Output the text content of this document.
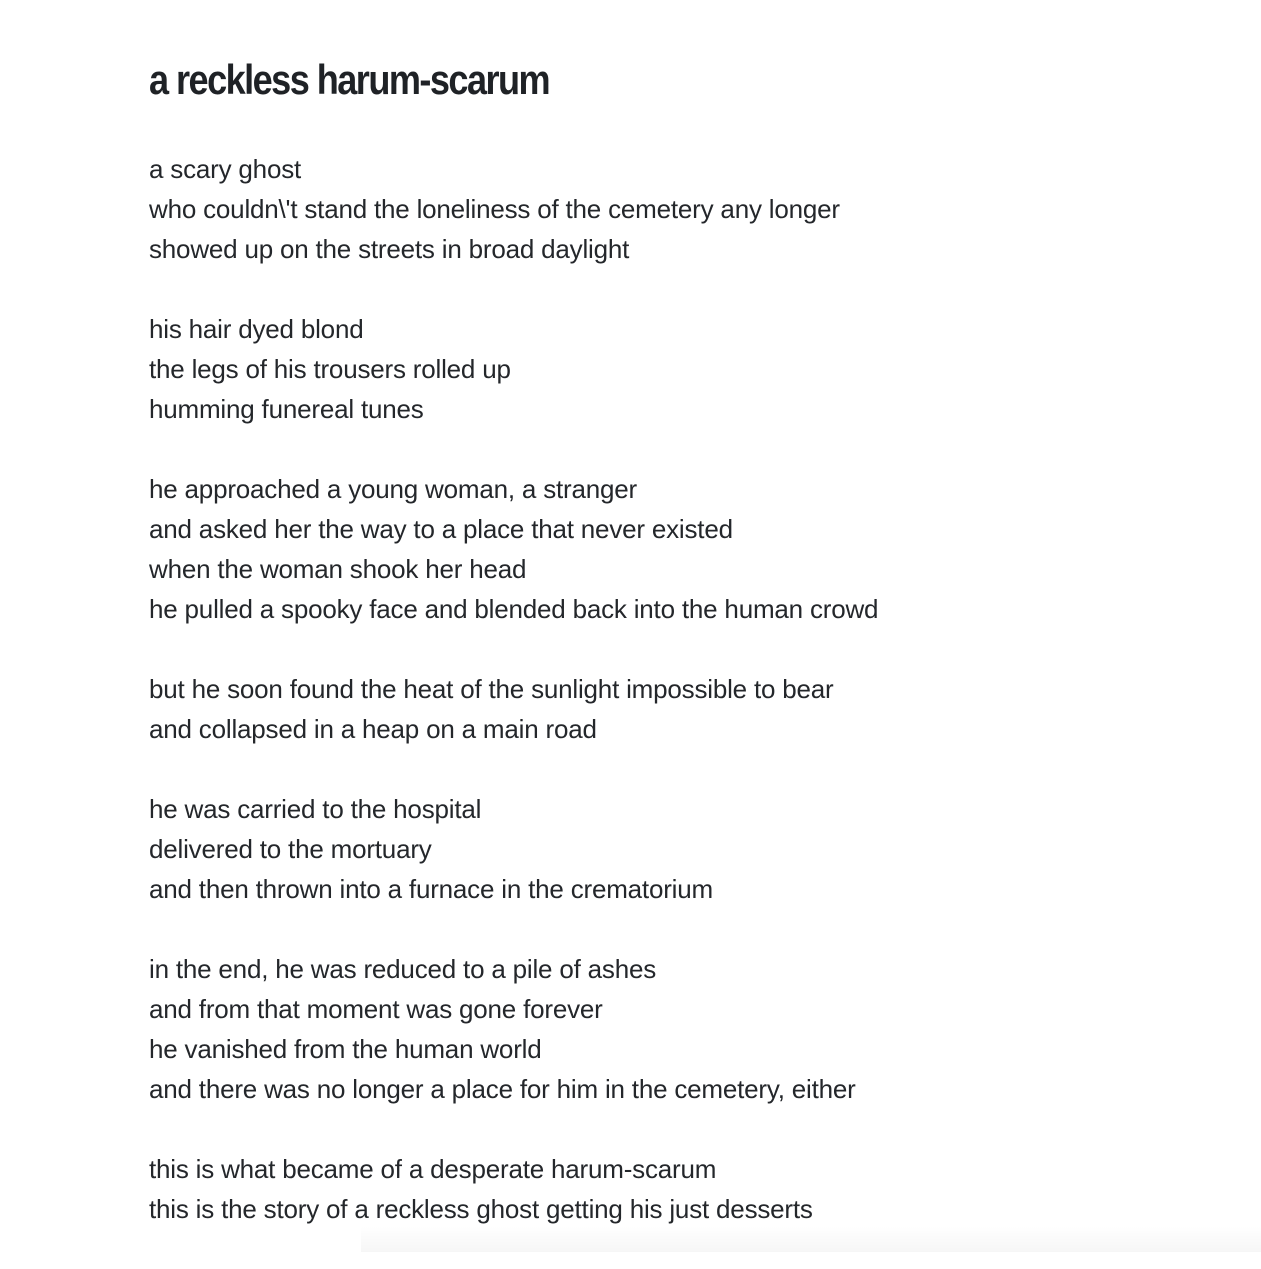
a reckless harum-scarum
a scary ghost
who couldn\'t stand the loneliness of the cemetery any longer
showed up on the streets in broad daylight
his hair dyed blond
the legs of his trousers rolled up
humming funereal tunes
he approached a young woman, a stranger
and asked her the way to a place that never existed
when the woman shook her head
he pulled a spooky face and blended back into the human crowd
but he soon found the heat of the sunlight impossible to bear
and collapsed in a heap on a main road
he was carried to the hospital
delivered to the mortuary
and then thrown into a furnace in the crematorium
in the end, he was reduced to a pile of ashes
and from that moment was gone forever
he vanished from the human world
and there was no longer a place for him in the cemetery, either
this is what became of a desperate harum-scarum
this is the story of a reckless ghost getting his just desserts
